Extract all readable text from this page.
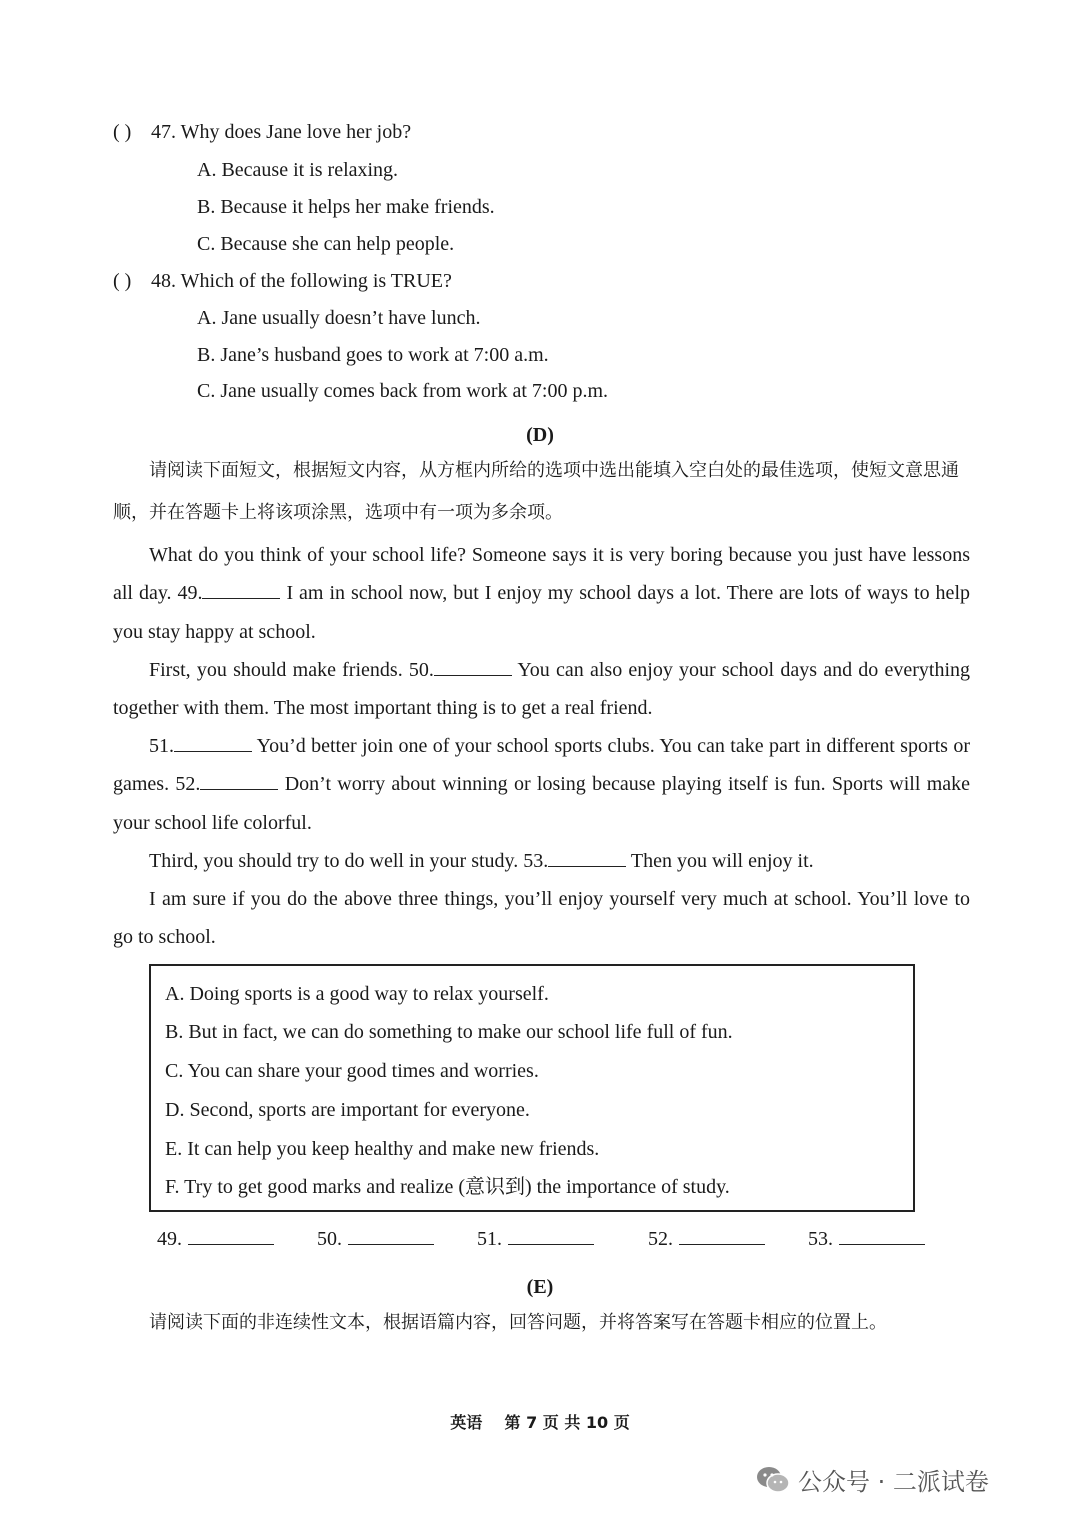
( ) 47. Why does Jane love her job?
A. Because it is relaxing.
B. Because it helps her make friends.
C. Because she can help people.
( ) 48. Which of the following is TRUE?
A. Jane usually doesn’t have lunch.
B. Jane’s husband goes to work at 7:00 a.m.
C. Jane usually comes back from work at 7:00 p.m.
(D)
请阅读下面短文，根据短文内容，从方框内所给的选项中选出能填入空白处的最佳选项，使短文意思通顺，并在答题卡上将该项涂黑，选项中有一项为多余项。
What do you think of your school life? Someone says it is very boring because you just have lessons all day. 49.	I am in school now, but I enjoy my school days a lot. There are lots of ways to help you stay happy at school.
First, you should make friends. 50.	You can also enjoy your school days and do everything together with them. The most important thing is to get a real friend.
51.	You’d better join one of your school sports clubs. You can take part in different sports or games. 52.	Don’t worry about winning or losing because playing itself is fun. Sports will make your school life colorful.
Third, you should try to do well in your study. 53.	Then you will enjoy it.
I am sure if you do the above three things, you’ll enjoy yourself very much at school. You’ll love to go to school.
A. Doing sports is a good way to relax yourself.
B. But in fact, we can do something to make our school life full of fun.
C. You can share your good times and worries.
D. Second, sports are important for everyone.
E. It can help you keep healthy and make new friends.
F. Try to get good marks and realize (意识到) the importance of study.
49.	50.	51.	52.	53.
(E)
请阅读下面的非连续性文本，根据语篇内容，回答问题，并将答案写在答题卡相应的位置上。
英语    第 7 页 共 10 页
公众号 · 二派试卷
